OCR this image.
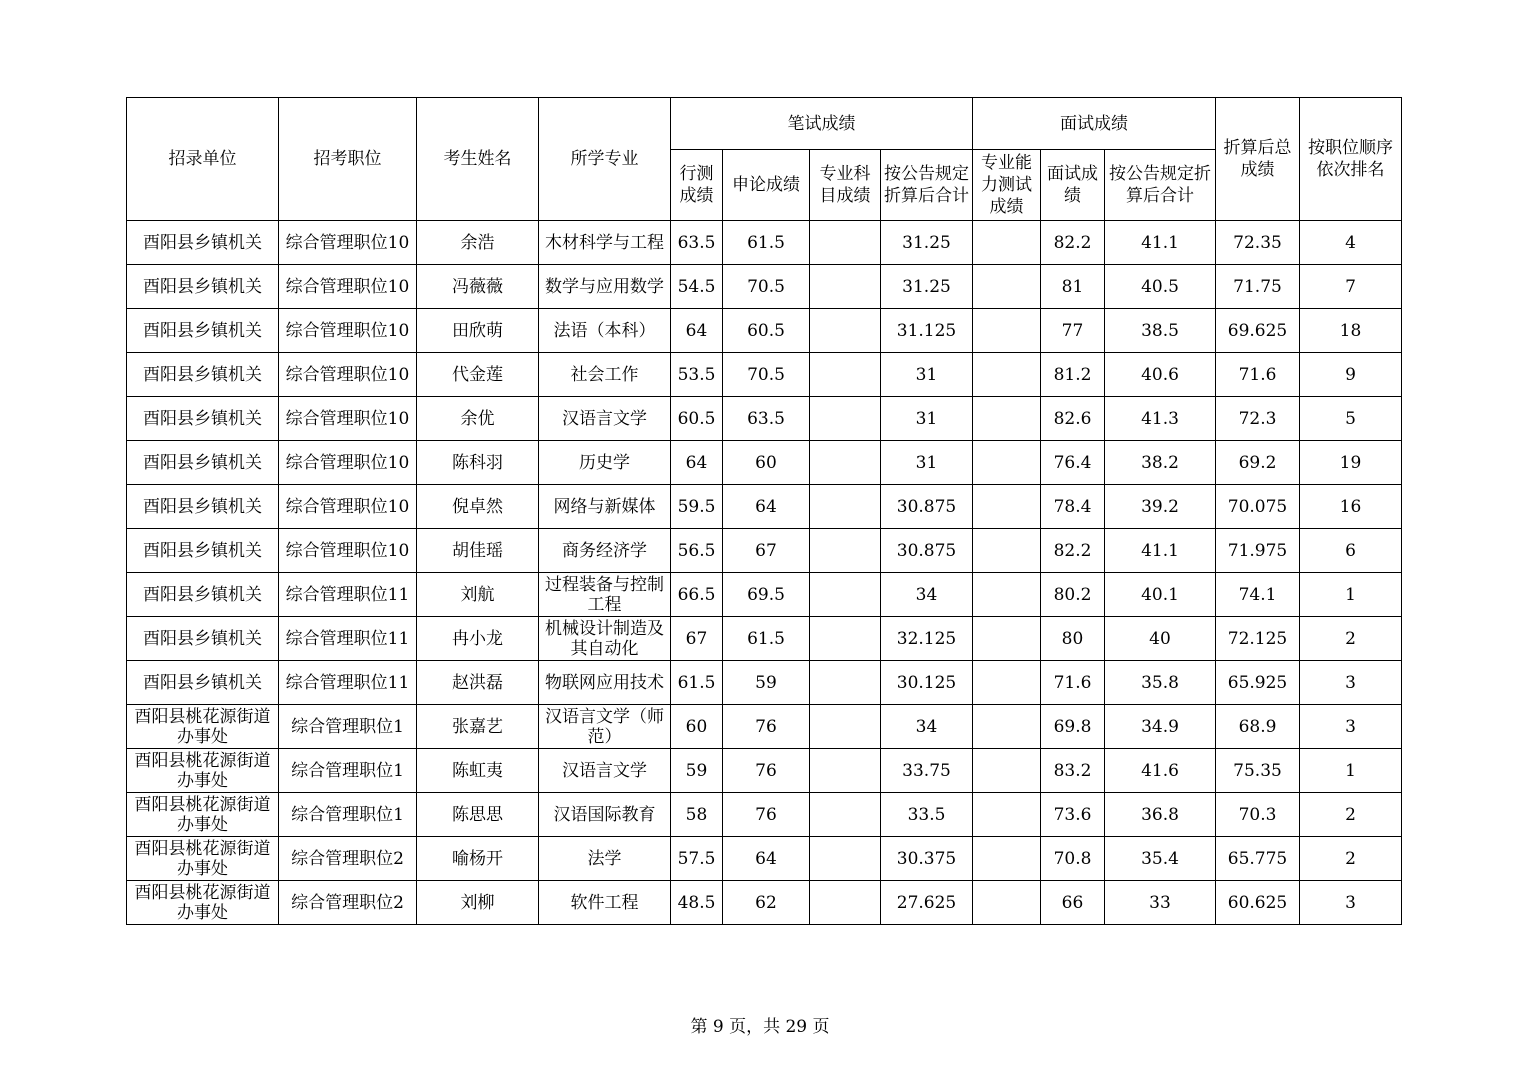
招录单位	招考职位	考生姓名	所学专业	笔试成绩				面试成绩			折算后总成绩	按职位顺序依次排名

				行测成绩	申论成绩	专业科目成绩	按公告规定折算后合计	专业能力测试成绩	面试成绩	按公告规定折算后合计		

酉阳县乡镇机关	综合管理职位10	余浩	木材科学与工程	63.5	61.5		31.25		82.2	41.1	72.35	4

酉阳县乡镇机关	综合管理职位10	冯薇薇	数学与应用数学	54.5	70.5		31.25		81	40.5	71.75	7

酉阳县乡镇机关	综合管理职位10	田欣萌	法语（本科）	64	60.5		31.125		77	38.5	69.625	18

酉阳县乡镇机关	综合管理职位10	代金莲	社会工作	53.5	70.5		31		81.2	40.6	71.6	9

酉阳县乡镇机关	综合管理职位10	余优	汉语言文学	60.5	63.5		31		82.6	41.3	72.3	5

酉阳县乡镇机关	综合管理职位10	陈科羽	历史学	64	60		31		76.4	38.2	69.2	19

酉阳县乡镇机关	综合管理职位10	倪卓然	网络与新媒体	59.5	64		30.875		78.4	39.2	70.075	16

酉阳县乡镇机关	综合管理职位10	胡佳瑶	商务经济学	56.5	67		30.875		82.2	41.1	71.975	6

酉阳县乡镇机关	综合管理职位11	刘航	过程装备与控制工程	66.5	69.5		34		80.2	40.1	74.1	1

酉阳县乡镇机关	综合管理职位11	冉小龙	机械设计制造及其自动化	67	61.5		32.125		80	40	72.125	2

酉阳县乡镇机关	综合管理职位11	赵洪磊	物联网应用技术	61.5	59		30.125		71.6	35.8	65.925	3

酉阳县桃花源街道办事处	综合管理职位1	张嘉艺	汉语言文学（师范）	60	76		34		69.8	34.9	68.9	3

酉阳县桃花源街道办事处	综合管理职位1	陈虹夷	汉语言文学	59	76		33.75		83.2	41.6	75.35	1

酉阳县桃花源街道办事处	综合管理职位1	陈思思	汉语国际教育	58	76		33.5		73.6	36.8	70.3	2

酉阳县桃花源街道办事处	综合管理职位2	喻杨开	法学	57.5	64		30.375		70.8	35.4	65.775	2

酉阳县桃花源街道办事处	综合管理职位2	刘柳	软件工程	48.5	62		27.625		66	33	60.625	3
第 9 页，共 29 页
